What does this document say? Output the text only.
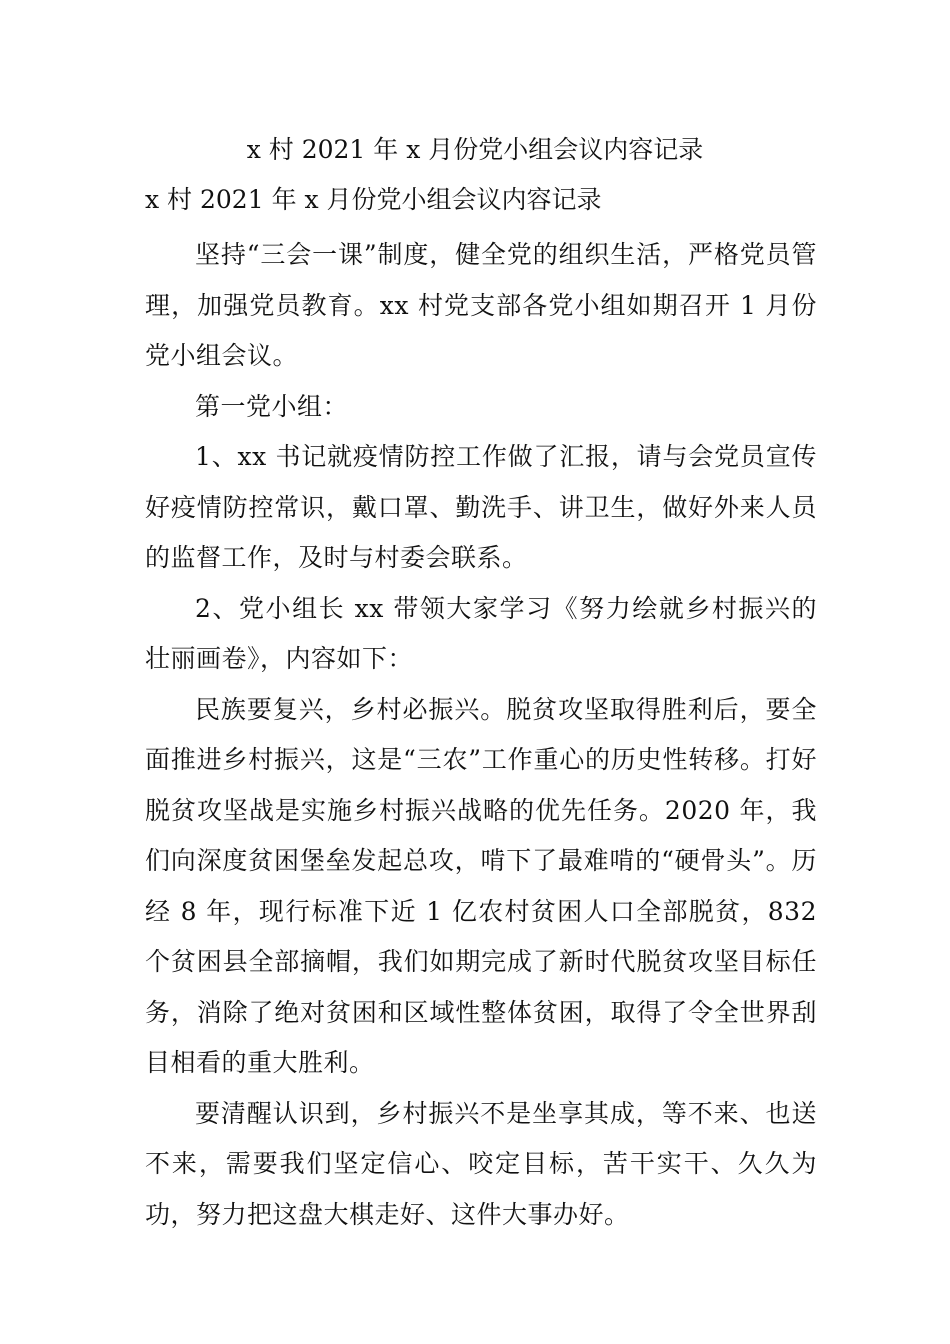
x 村 2021 年 x 月份党小组会议内容记录
x 村 2021 年 x 月份党小组会议内容记录

坚持“三会一课”制度，健全党的组织生活，严格党员管理，加强党员教育。xx 村党支部各党小组如期召开 1 月份党小组会议。

第一党小组：

1、xx 书记就疫情防控工作做了汇报，请与会党员宣传好疫情防控常识，戴口罩、勤洗手、讲卫生，做好外来人员的监督工作，及时与村委会联系。

2、党小组长 xx 带领大家学习《努力绘就乡村振兴的壮丽画卷》，内容如下：

民族要复兴，乡村必振兴。脱贫攻坚取得胜利后，要全面推进乡村振兴，这是“三农”工作重心的历史性转移。打好脱贫攻坚战是实施乡村振兴战略的优先任务。2020 年，我们向深度贫困堡垒发起总攻，啃下了最难啃的“硬骨头”。历经 8 年，现行标准下近 1 亿农村贫困人口全部脱贫，832 个贫困县全部摘帽，我们如期完成了新时代脱贫攻坚目标任务，消除了绝对贫困和区域性整体贫困，取得了令全世界刮目相看的重大胜利。

要清醒认识到，乡村振兴不是坐享其成，等不来、也送不来，需要我们坚定信心、咬定目标，苦干实干、久久为功，努力把这盘大棋走好、这件大事办好。
